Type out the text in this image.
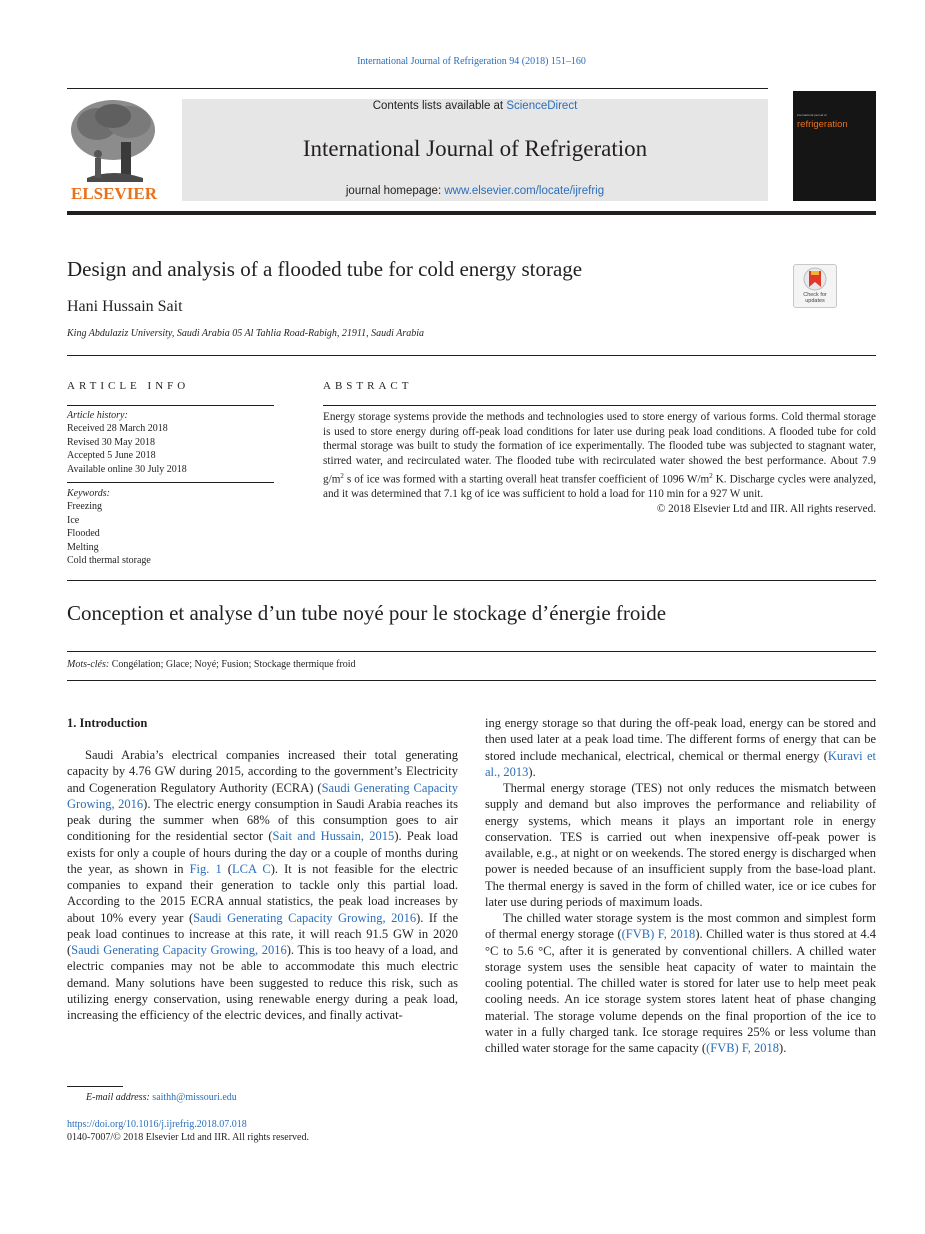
International Journal of Refrigeration 94 (2018) 151–160
ELSEVIER
Contents lists available at ScienceDirect
International Journal of Refrigeration
journal homepage: www.elsevier.com/locate/ijrefrig
international journal of
refrigeration
Design and analysis of a flooded tube for cold energy storage
Check for updates
Hani Hussain Sait
King Abdulaziz University, Saudi Arabia 05 Al Tahlia Road-Rabigh, 21911, Saudi Arabia
ARTICLE INFO
Article history:
Received 28 March 2018
Revised 30 May 2018
Accepted 5 June 2018
Available online 30 July 2018
Keywords:
Freezing
Ice
Flooded
Melting
Cold thermal storage
ABSTRACT
Energy storage systems provide the methods and technologies used to store energy of various forms. Cold thermal storage is used to store energy during off-peak load conditions for later use during peak load conditions. A flooded tube for cold thermal storage was built to study the formation of ice experimentally. The flooded tube was subjected to stagnant water, stirred water, and recirculated water. The flooded tube with recirculated water showed the best performance. About 7.9 $g/m^2$ s of ice was formed with a starting overall heat transfer coefficient of 1096 $W/m^2$ K. Discharge cycles were analyzed, and it was determined that 7.1 kg of ice was sufficient to hold a load for 110 min for a 927 W unit.
© 2018 Elsevier Ltd and IIR. All rights reserved.
Conception et analyse d’un tube noyé pour le stockage d’énergie froide
Mots-clés: Congélation; Glace; Noyé; Fusion; Stockage thermique froid
1. Introduction

Saudi Arabia’s electrical companies increased their total generating capacity by 4.76 GW during 2015, according to the government’s Electricity and Cogeneration Regulatory Authority (ECRA) (Saudi Generating Capacity Growing, 2016). The electric energy consumption in Saudi Arabia reaches its peak during the summer when 68% of this consumption goes to air conditioning for the residential sector (Sait and Hussain, 2015). Peak load exists for only a couple of hours during the day or a couple of months during the year, as shown in Fig. 1 (LCA C). It is not feasible for the electric companies to expand their generation to tackle only this partial load. According to the 2015 ECRA annual statistics, the peak load increases by about 10% every year (Saudi Generating Capacity Growing, 2016). If the peak load continues to increase at this rate, it will reach 91.5 GW in 2020 (Saudi Generating Capacity Growing, 2016). This is too heavy of a load, and electric companies may not be able to accommodate this much electric demand. Many solutions have been suggested to reduce this risk, such as utilizing energy conservation, using renewable energy during a peak load, increasing the efficiency of the electric devices, and finally activat-

ing energy storage so that during the off-peak load, energy can be stored and then used later at a peak load time. The different forms of energy that can be stored include mechanical, electrical, chemical or thermal energy (Kuravi et al., 2013).

Thermal energy storage (TES) not only reduces the mismatch between supply and demand but also improves the performance and reliability of energy systems, which means it plays an important role in energy conservation. TES is carried out when inexpensive off-peak power is available, e.g., at night or on weekends. The stored energy is discharged when power is needed because of an insufficient supply from the base-load plant. The thermal energy is saved in the form of chilled water, ice or ice cubes for later use during periods of maximum loads.

The chilled water storage system is the most common and simplest form of thermal energy storage ((FVB) F, 2018). Chilled water is thus stored at 4.4 °C to 5.6 °C, after it is generated by conventional chillers. A chilled water storage system uses the sensible heat capacity of water to maintain the cooling potential. The chilled water is stored for later use to help meet peak cooling needs. An ice storage system stores latent heat of phase changing material. The storage volume depends on the final proportion of the ice to water in a fully charged tank. Ice storage requires 25% or less volume than chilled water storage for the same capacity ((FVB) F, 2018).

E-mail address: saithh@missouri.edu
https://doi.org/10.1016/j.ijrefrig.2018.07.018
0140-7007/© 2018 Elsevier Ltd and IIR. All rights reserved.
